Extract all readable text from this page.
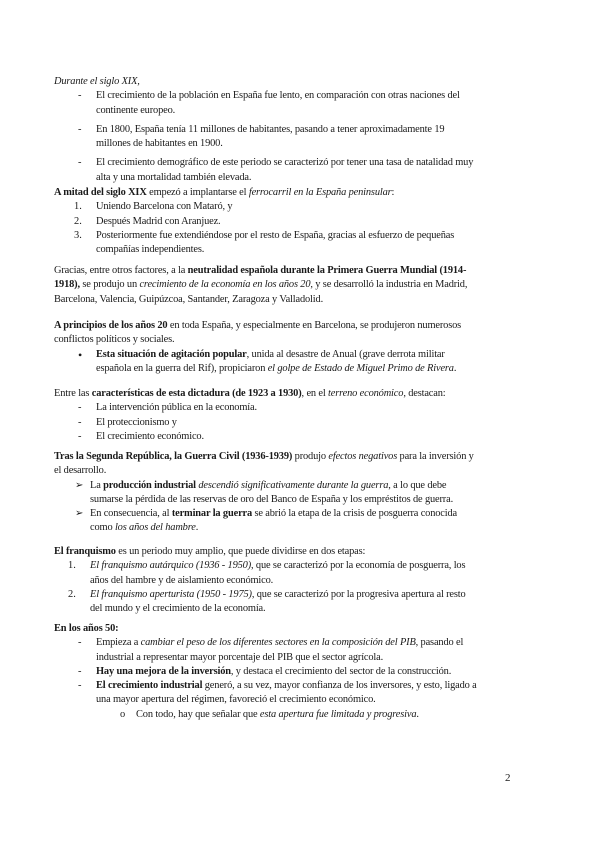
Durante el siglo XIX,
-	El crecimiento de la población en España fue lento, en comparación con otras naciones del
continente europeo.
-	En 1800, España tenía 11 millones de habitantes, pasando a tener aproximadamente 19
millones de habitantes en 1900.
-	El crecimiento demográfico de este periodo se caracterizó por tener una tasa de natalidad muy
alta y una mortalidad también elevada.
A mitad del siglo XIX empezó a implantarse el ferrocarril en la España peninsular:
1.	Uniendo Barcelona con Mataró, y
2.	Después Madrid con Aranjuez.
3.	Posteriormente fue extendiéndose por el resto de España, gracias al esfuerzo de pequeñas
compañías independientes.
Gracias, entre otros factores, a la neutralidad española durante la Primera Guerra Mundial (1914-
1918), se produjo un crecimiento de la economía en los años 20, y se desarrolló la industria en Madrid,
Barcelona, Valencia, Guipúzcoa, Santander, Zaragoza y Valladolid.
A principios de los años 20 en toda España, y especialmente en Barcelona, se produjeron numerosos
conflictos políticos y sociales.
•	Esta situación de agitación popular, unida al desastre de Anual (grave derrota militar
española en la guerra del Rif), propiciaron el golpe de Estado de Miguel Primo de Rivera.
Entre las características de esta dictadura (de 1923 a 1930), en el terreno económico, destacan:
-	La intervención pública en la economía.
-	El proteccionismo y
-	El crecimiento económico.
Tras la Segunda República, la Guerra Civil (1936-1939) produjo efectos negativos para la inversión y
el desarrollo.
➢ La producción industrial descendió significativamente durante la guerra, a lo que debe
sumarse la pérdida de las reservas de oro del Banco de España y los empréstitos de guerra.
➢ En consecuencia, al terminar la guerra se abrió la etapa de la crisis de posguerra conocida
como los años del hambre.
El franquismo es un periodo muy amplio, que puede dividirse en dos etapas:
1.	El franquismo autárquico (1936 - 1950), que se caracterizó por la economía de posguerra, los
años del hambre y de aislamiento económico.
2.	El franquismo aperturista (1950 - 1975), que se caracterizó por la progresiva apertura al resto
del mundo y el crecimiento de la economía.
En los años 50:
-	Empieza a cambiar el peso de los diferentes sectores en la composición del PIB, pasando el
industrial a representar mayor porcentaje del PIB que el sector agrícola.
-	Hay una mejora de la inversión, y destaca el crecimiento del sector de la construcción.
-	El crecimiento industrial generó, a su vez, mayor confianza de los inversores, y esto, ligado a
una mayor apertura del régimen, favoreció el crecimiento económico.
o	Con todo, hay que señalar que esta apertura fue limitada y progresiva.
2
